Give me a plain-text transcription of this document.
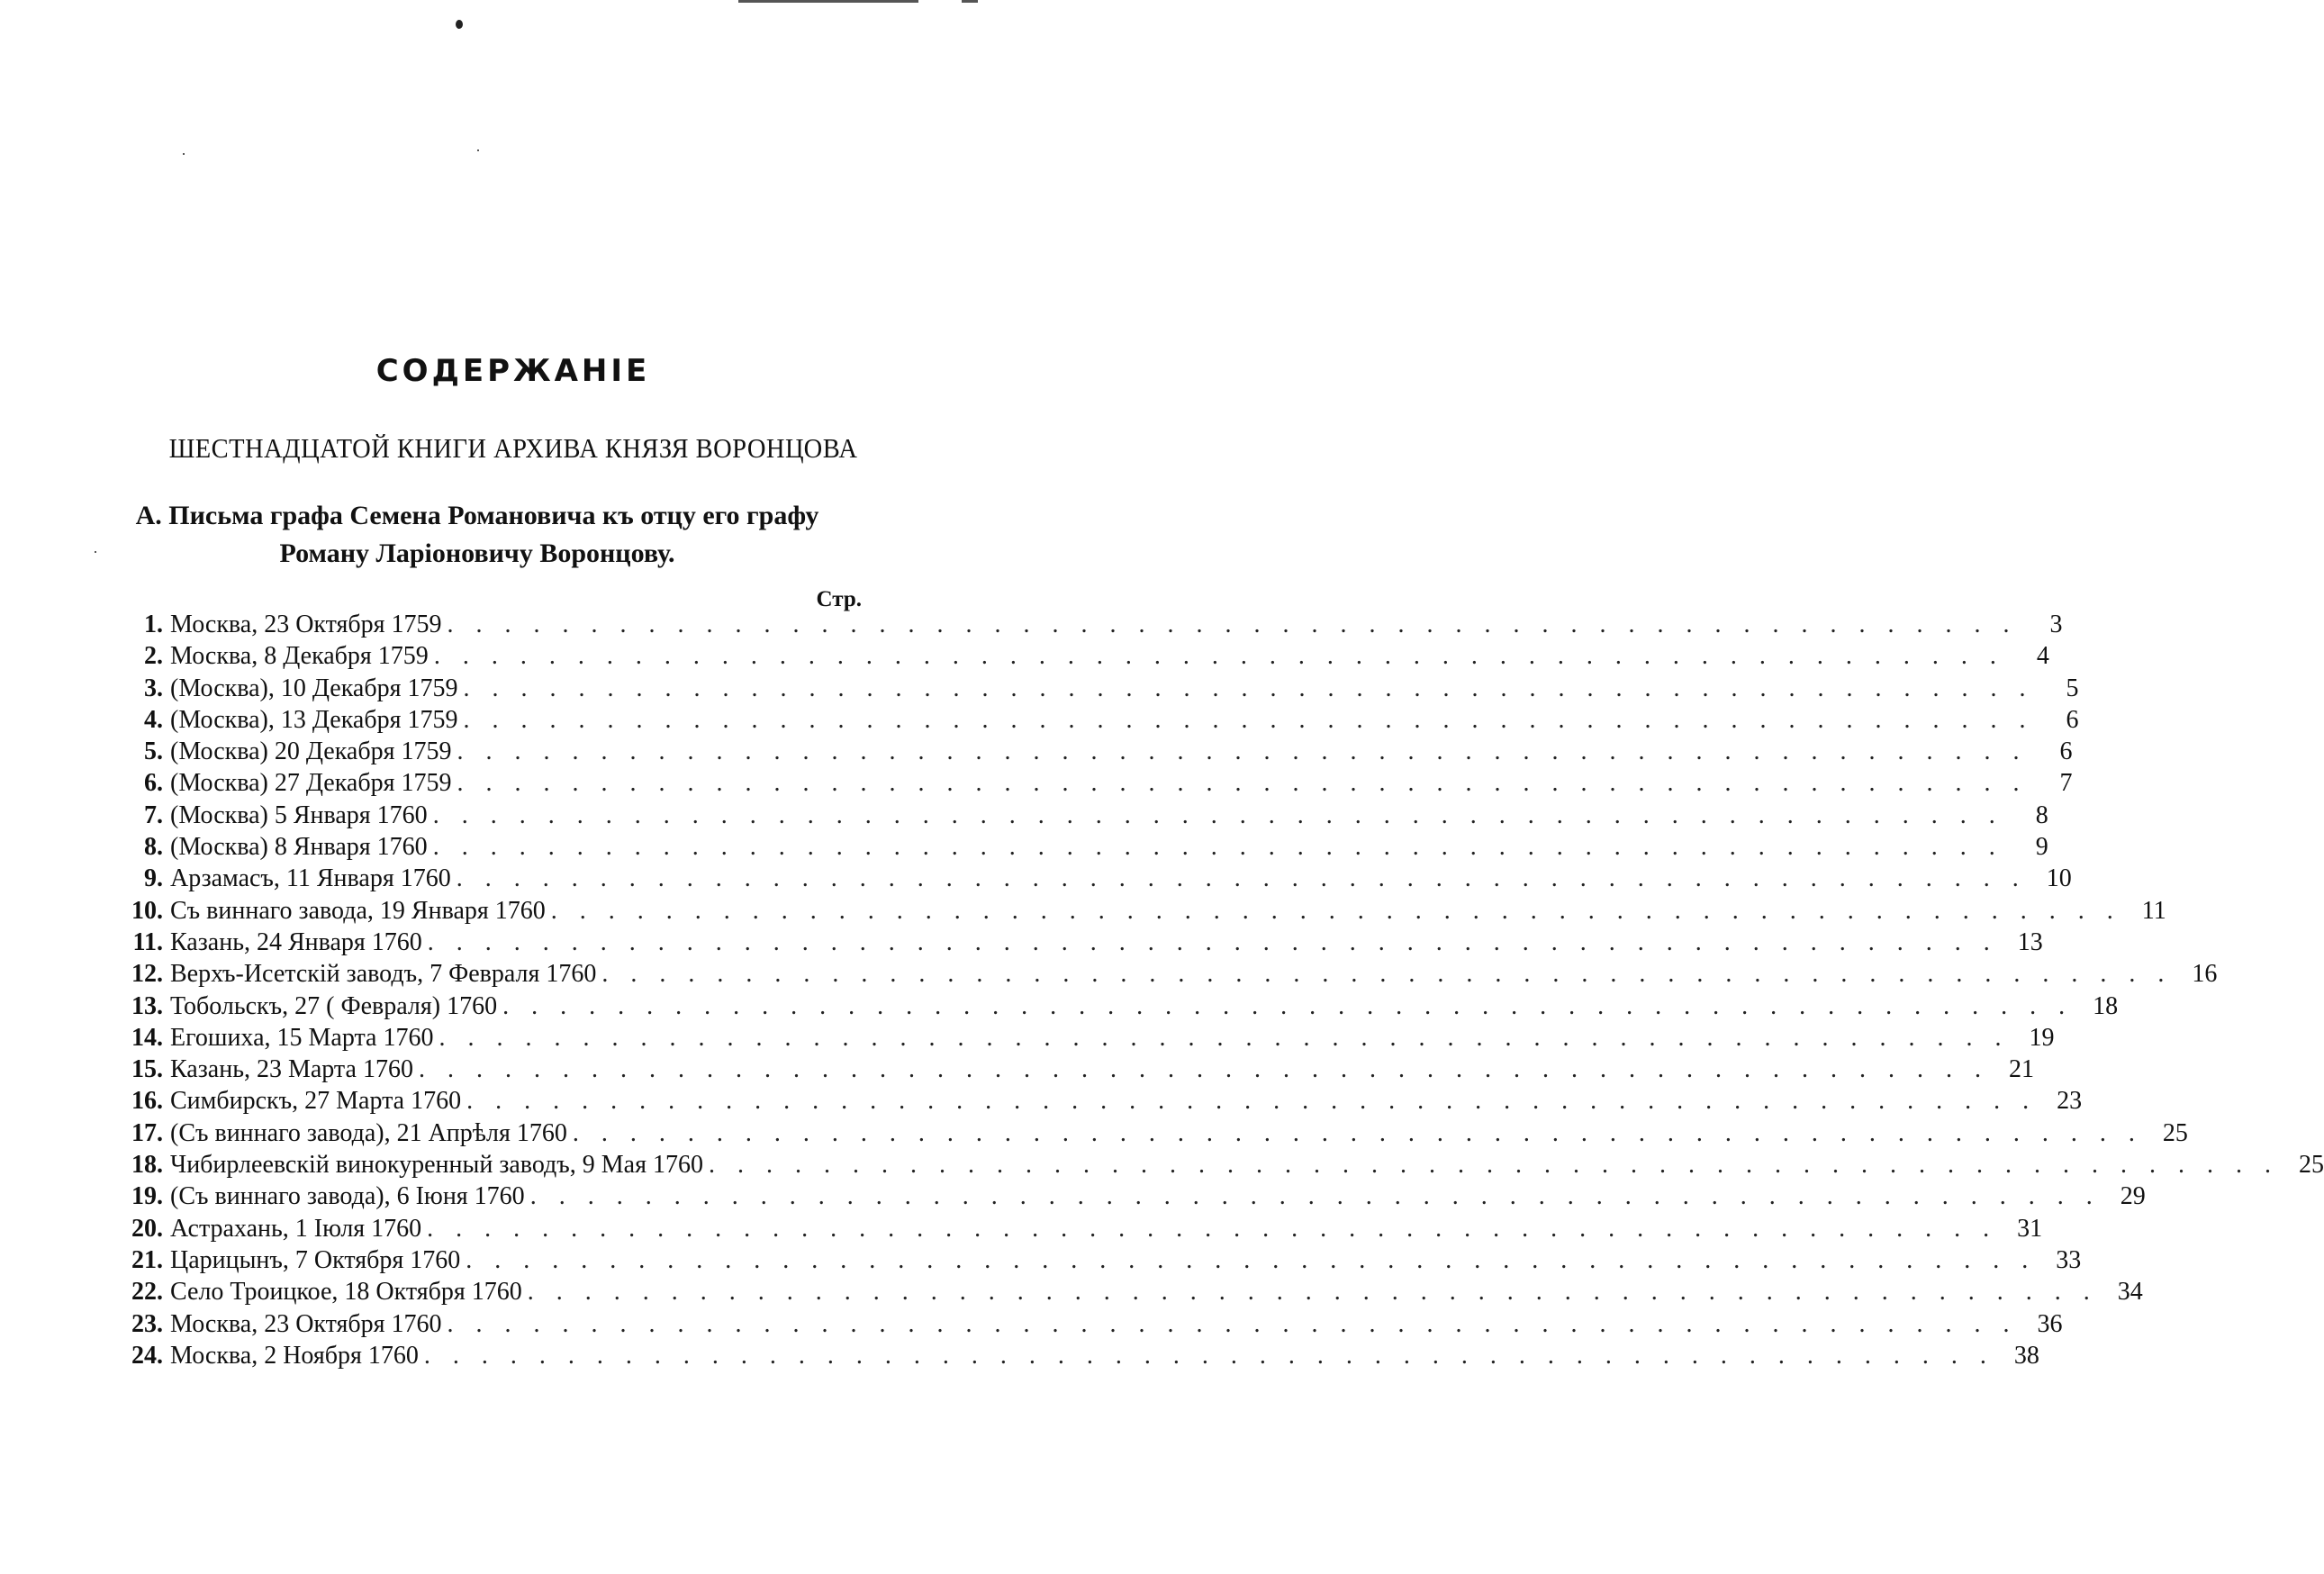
СОДЕРЖАНІЕ
ШЕСТНАДЦАТОЙ КНИГИ АРХИВА КНЯЗЯ ВОРОНЦОВА
А. Письма графа Семена Романовича къ отцу его графу
Роману Ларіоновичу Воронцову.
Стр.
1. Москва, 23 Октября 1759 . . .	3
2. Москва, 8 Декабря 1759 . . .	4
3. (Москва), 10 Декабря 1759 . . .	5
4. (Москва), 13 Декабря 1759 . . .	6
5. (Москва) 20 Декабря 1759 . . .	6
6. (Москва) 27 Декабря 1759 . . .	7
7. (Москва) 5 Января 1760 . . .	8
8. (Москва) 8 Января 1760 . . .	9
9. Арзамасъ, 11 Января 1760 . . .	10
10. Съ виннаго завода, 19 Января 1760 . . .	11
11. Казань, 24 Января 1760 . . .	13
12. Верхъ-Исетскій заводъ, 7 Февраля 1760 . . .	16
13. Тобольскъ, 27 ( Февраля) 1760 . . .	18
14. Егошиха, 15 Марта 1760 . . .	19
15. Казань, 23 Марта 1760 . . .	21
16. Симбирскъ, 27 Марта 1760 . . .	23
17. (Съ виннаго завода), 21 Апрѣля 1760 . . .	25
18. Чибирлеевскій винокуренный заводъ, 9 Мая 1760 . . .	25
19. (Съ виннаго завода), 6 Іюня 1760 . . .	29
20. Астрахань, 1 Іюля 1760 . . .	31
21. Царицынъ, 7 Октября 1760 . . .	33
22. Село Троицкое, 18 Октября 1760 . . .	34
23. Москва, 23 Октября 1760 . . .	36
24. Москва, 2 Ноября 1760 . . .	38
